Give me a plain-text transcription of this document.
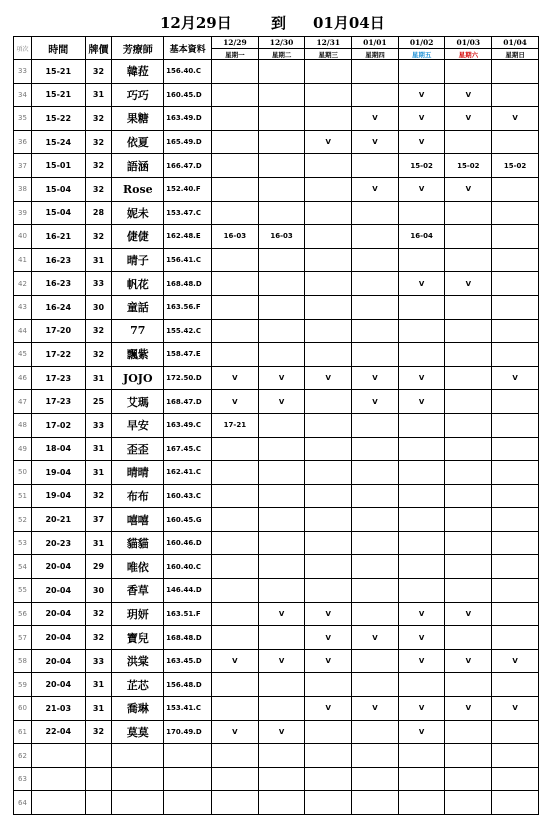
12月29日	到 01月04日
項次	時間	牌價	芳療師	基本資料	12/29	12/30	12/31	01/01	01/02	01/03	01/04
					星期一	星期二	星期三	星期四	星期五	星期六	星期日
33	15-21	32	韓菈	156.40.C							
34	15-21	31	巧巧	160.45.D					V	V	
35	15-22	32	果糖	163.49.D				V	V	V	V
36	15-24	32	依夏	165.49.D			V	V	V		
37	15-01	32	語涵	166.47.D					15-02	15-02	15-02
38	15-04	32	Rose	152.40.F				V	V	V	
39	15-04	28	妮未	153.47.C							
40	16-21	32	倢倢	162.48.E	16-03	16-03			16-04		
41	16-23	31	晴子	156.41.C							
42	16-23	33	帆花	168.48.D					V	V	
43	16-24	30	童話	163.56.F							
44	17-20	32	77	155.42.C							
45	17-22	32	飄紫	158.47.E							
46	17-23	31	JOJO	172.50.D	V	V	V	V	V		V
47	17-23	25	艾瑪	168.47.D	V	V		V	V		
48	17-02	33	早安	163.49.C	17-21						
49	18-04	31	歪歪	167.45.C							
50	19-04	31	晴晴	162.41.C							
51	19-04	32	布布	160.43.C							
52	20-21	37	嘻嘻	160.45.G							
53	20-23	31	貓貓	160.46.D							
54	20-04	29	唯依	160.40.C							
55	20-04	30	香草	146.44.D							
56	20-04	32	玥妍	163.51.F		V	V		V	V	
57	20-04	32	寶兒	168.48.D			V	V	V		
58	20-04	33	洪棠	163.45.D	V	V	V		V	V	V
59	20-04	31	芷芯	156.48.D							
60	21-03	31	喬琳	153.41.C			V	V	V	V	V
61	22-04	32	莫莫	170.49.D	V	V			V		
62											
63											
64											
